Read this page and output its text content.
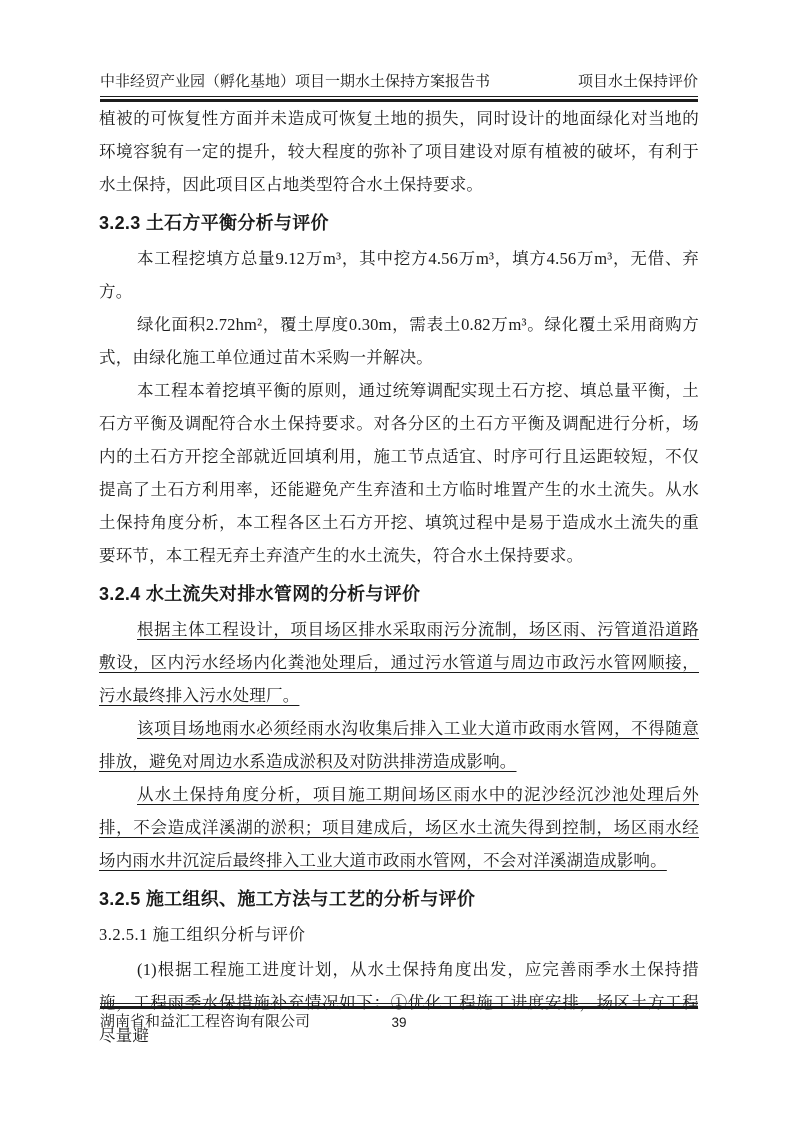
中非经贸产业园（孵化基地）项目一期水土保持方案报告书	项目水土保持评价

植被的可恢复性方面并未造成可恢复土地的损失，同时设计的地面绿化对当地的环境容貌有一定的提升，较大程度的弥补了项目建设对原有植被的破坏，有利于水土保持，因此项目区占地类型符合水土保持要求。

3.2.3 土石方平衡分析与评价

本工程挖填方总量9.12万m³，其中挖方4.56万m³，填方4.56万m³，无借、弃方。

绿化面积2.72hm²，覆土厚度0.30m，需表土0.82万m³。绿化覆土采用商购方式，由绿化施工单位通过苗木采购一并解决。

本工程本着挖填平衡的原则，通过统筹调配实现土石方挖、填总量平衡，土石方平衡及调配符合水土保持要求。对各分区的土石方平衡及调配进行分析，场内的土石方开挖全部就近回填利用，施工节点适宜、时序可行且运距较短，不仅提高了土石方利用率，还能避免产生弃渣和土方临时堆置产生的水土流失。从水土保持角度分析，本工程各区土石方开挖、填筑过程中是易于造成水土流失的重要环节，本工程无弃土弃渣产生的水土流失，符合水土保持要求。

3.2.4 水土流失对排水管网的分析与评价

根据主体工程设计，项目场区排水采取雨污分流制，场区雨、污管道沿道路敷设，区内污水经场内化粪池处理后，通过污水管道与周边市政污水管网顺接，污水最终排入污水处理厂。

该项目场地雨水必须经雨水沟收集后排入工业大道市政雨水管网，不得随意排放，避免对周边水系造成淤积及对防洪排涝造成影响。

从水土保持角度分析，项目施工期间场区雨水中的泥沙经沉沙池处理后外排，不会造成洋溪湖的淤积；项目建成后，场区水土流失得到控制，场区雨水经场内雨水井沉淀后最终排入工业大道市政雨水管网，不会对洋溪湖造成影响。

3.2.5 施工组织、施工方法与工艺的分析与评价
3.2.5.1 施工组织分析与评价

(1)根据工程施工进度计划，从水土保持角度出发，应完善雨季水土保持措施，工程雨季水保措施补充情况如下：①优化工程施工进度安排，场区土方工程尽量避

湖南省和益汇工程咨询有限公司	39
